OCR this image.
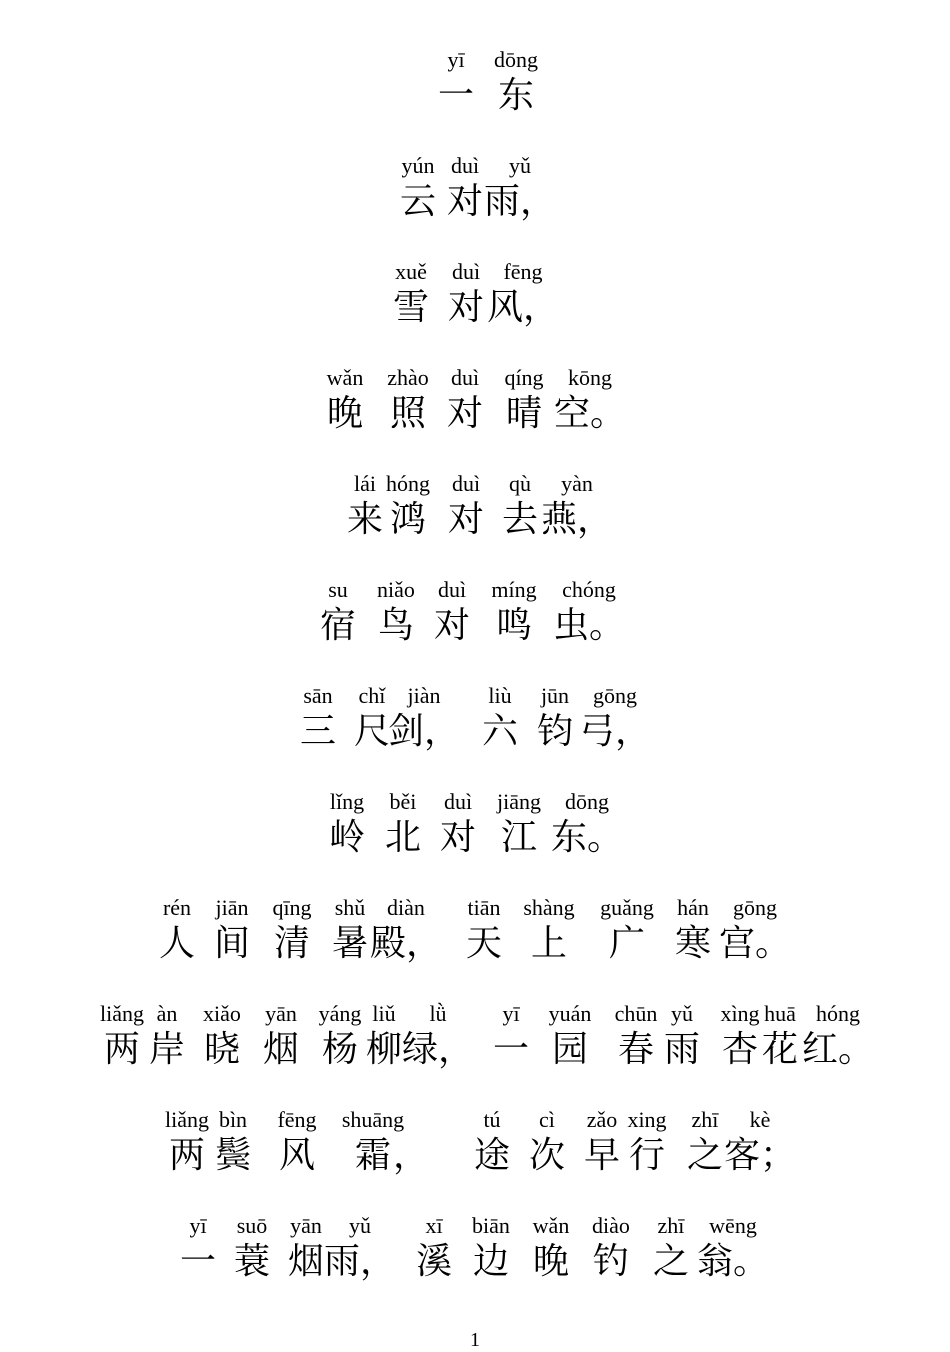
yī
一
dōng
东
yún
云
duì
对
yǔ
雨，
xuě
雪
duì
对
fēng
风，
wǎn
晚
zhào
照
duì
对
qíng
晴
kōng
空。
lái
来
hóng
鸿
duì
对
qù
去
yàn
燕，
su
宿
niǎo
鸟
duì
对
míng
鸣
chóng
虫。
sān
三
chǐ
尺
jiàn
剑，
liù
六
jūn
钧
gōng
弓，
lǐng
岭
běi
北
duì
对
jiāng
江
dōng
东。
rén
人
jiān
间
qīng
清
shǔ
暑
diàn
殿，
tiān
天
shàng
上
guǎng
广
hán
寒
gōng
宫。
liǎng
两
àn
岸
xiǎo
晓
yān
烟
yáng
杨
liǔ
柳
lǜ
绿，
yī
一
yuán
园
chūn
春
yǔ
雨
xìng
杏
huā
花
hóng
红。
liǎng
两
bìn
鬓
fēng
风
shuāng
霜 ，
tú
途
cì
次
zǎo
早
xing
行
zhī
之
kè
客；
yī
一
suō
蓑
yān
烟
yǔ
雨，
xī
溪
biān
边
wǎn
晚
diào
钓
zhī
之
wēng
翁。
1
